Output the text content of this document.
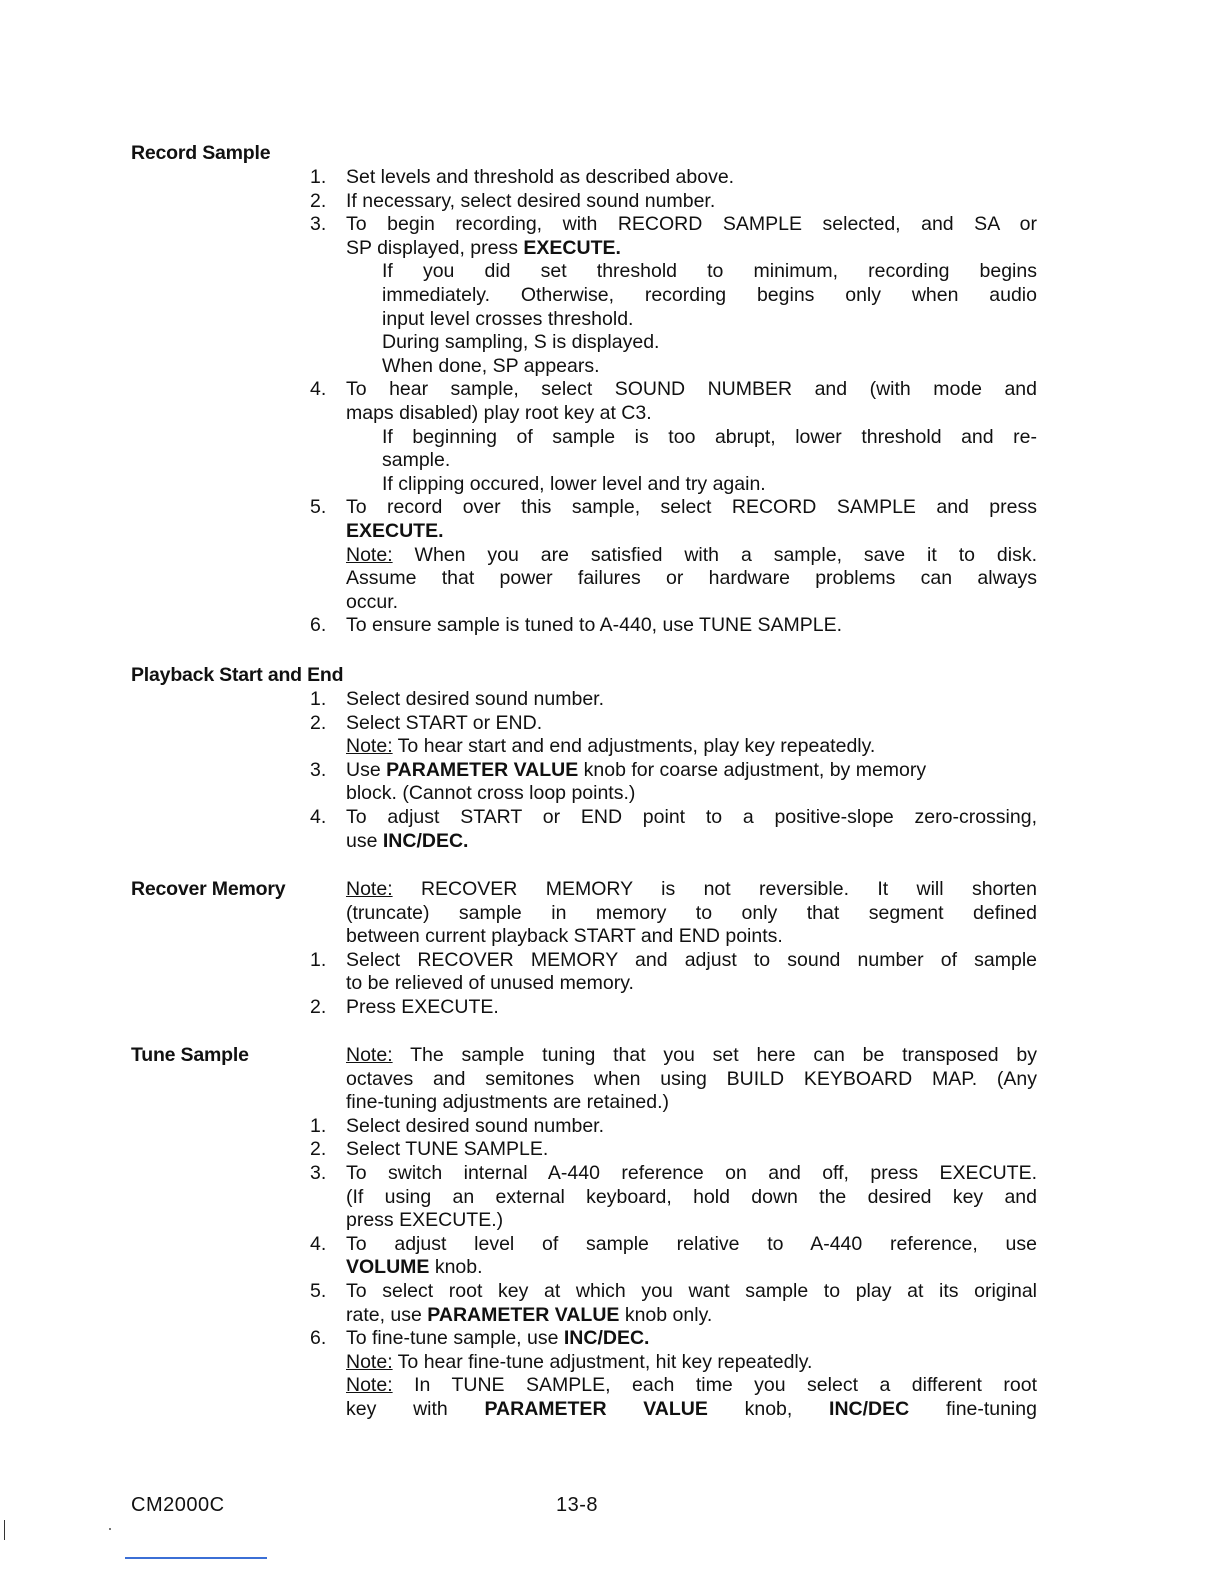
Record Sample
1.	Set levels and threshold as described above.
2.	If necessary, select desired sound number.
3.	To begin recording, with RECORD SAMPLE selected, and SA or
SP displayed, press EXECUTE.
If you did set threshold to minimum, recording begins
immediately. Otherwise, recording begins only when audio
input level crosses threshold.
During sampling, S is displayed.
When done, SP appears.
4.	To hear sample, select SOUND NUMBER and (with mode and
maps disabled) play root key at C3.
If beginning of sample is too abrupt, lower threshold and re-
sample.
If clipping occured, lower level and try again.
5.	To record over this sample, select RECORD SAMPLE and press
EXECUTE.
Note: When you are satisfied with a sample, save it to disk.
Assume that power failures or hardware problems can always
occur.
6.	To ensure sample is tuned to A-440, use TUNE SAMPLE.
Playback Start and End
1.	Select desired sound number.
2.	Select START or END.
Note: To hear start and end adjustments, play key repeatedly.
3.	Use PARAMETER VALUE knob for coarse adjustment, by memory
block. (Cannot cross loop points.)
4.	To adjust START or END point to a positive-slope zero-crossing,
use INC/DEC.
Recover Memory	Note: RECOVER MEMORY is not reversible. It will shorten
(truncate) sample in memory to only that segment defined
between current playback START and END points.
1.	Select RECOVER MEMORY and adjust to sound number of sample
to be relieved of unused memory.
2.	Press EXECUTE.
Tune Sample	Note: The sample tuning that you set here can be transposed by
octaves and semitones when using BUILD KEYBOARD MAP. (Any
fine-tuning adjustments are retained.)
1.	Select desired sound number.
2.	Select TUNE SAMPLE.
3.	To switch internal A-440 reference on and off, press EXECUTE.
(If using an external keyboard, hold down the desired key and
press EXECUTE.)
4.	To adjust level of sample relative to A-440 reference, use
VOLUME knob.
5.	To select root key at which you want sample to play at its original
rate, use PARAMETER VALUE knob only.
6.	To fine-tune sample, use INC/DEC.
Note: To hear fine-tune adjustment, hit key repeatedly.
Note: In TUNE SAMPLE, each time you select a different root
key with PARAMETER VALUE knob, INC/DEC fine-tuning
CM2000C	13-8
